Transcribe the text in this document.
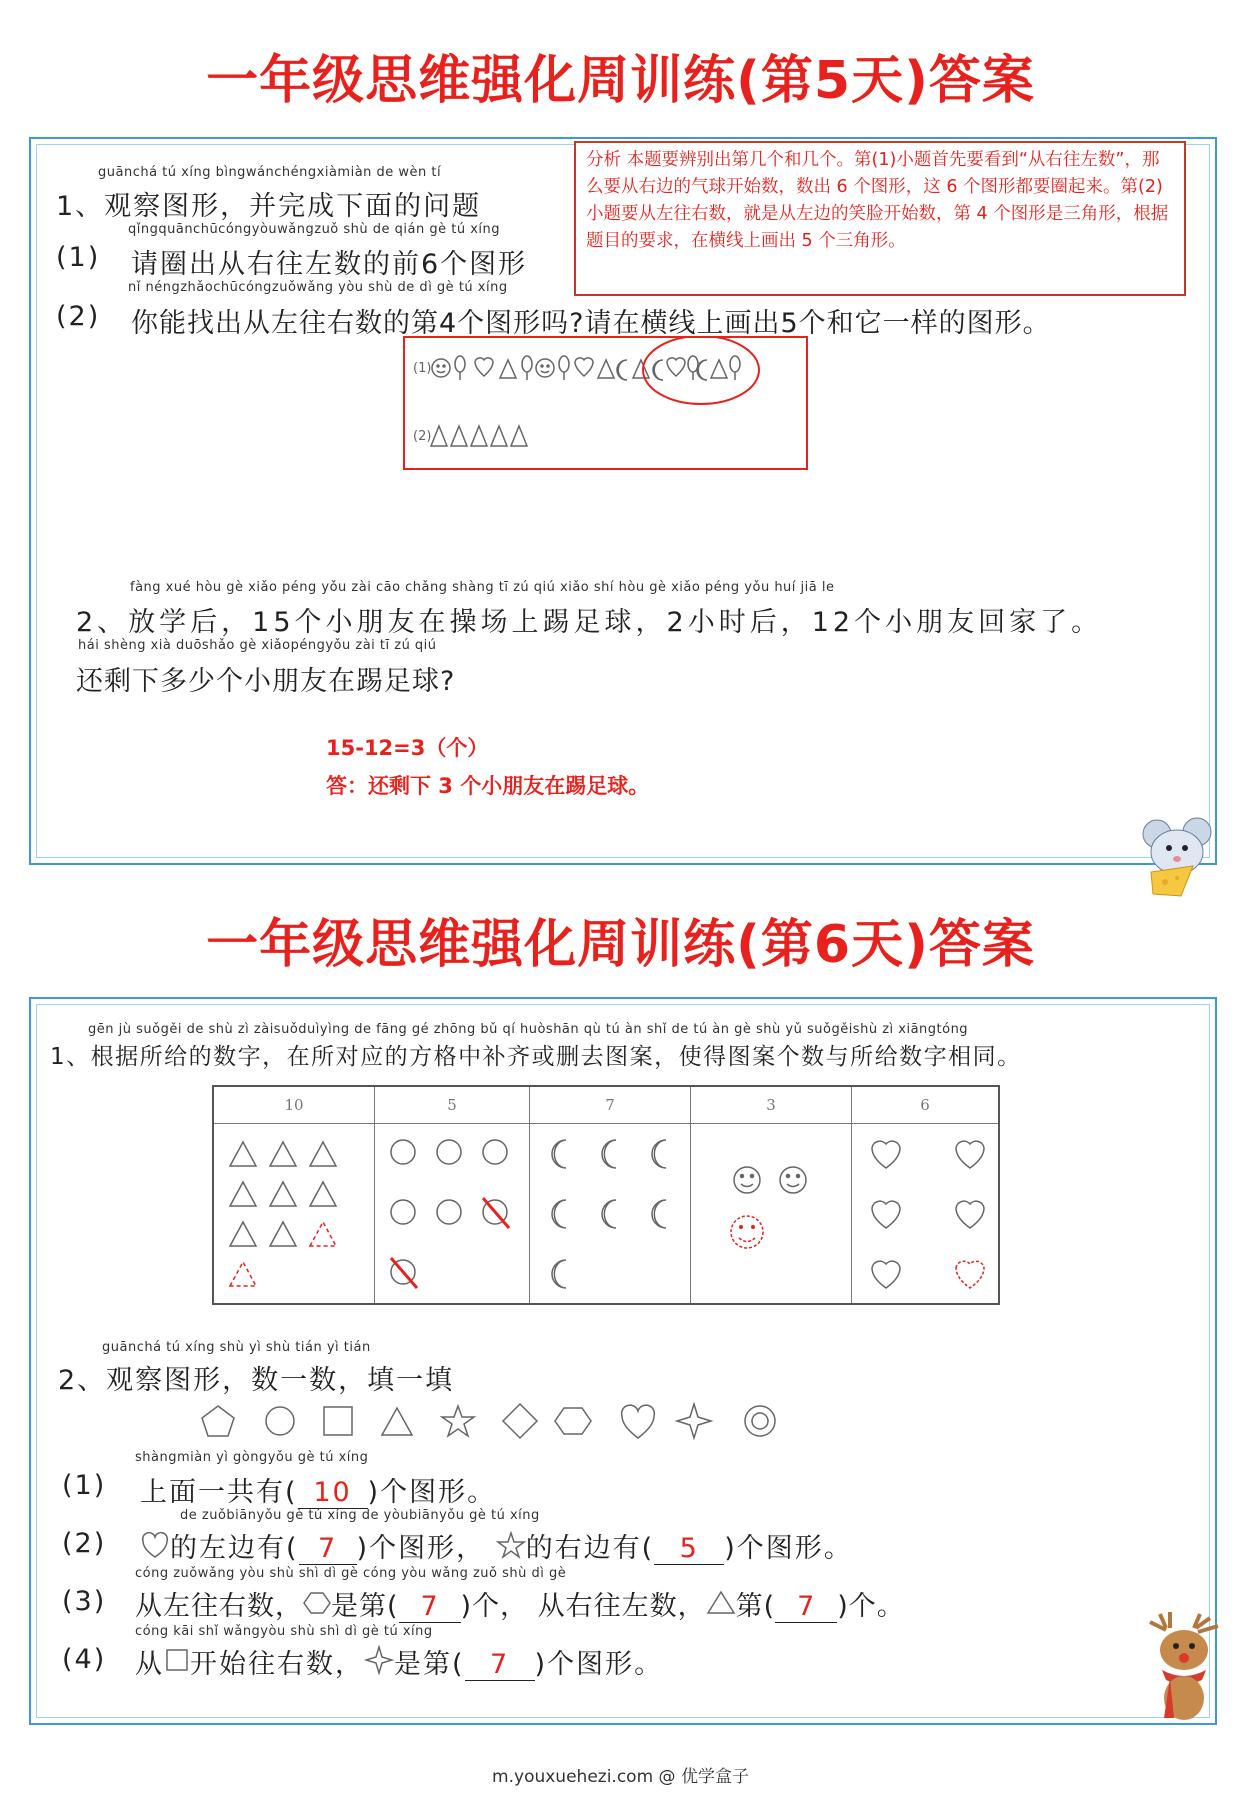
一年级思维强化周训练(第5天)答案
分析 本题要辨别出第几个和几个。第(1)小题首先要看到“从右往左数”，那么要从右边的气球开始数，数出 6 个图形，这 6 个图形都要圈起来。第(2)小题要从左往右数，就是从左边的笑脸开始数，第 4 个图形是三角形，根据题目的要求，在横线上画出 5 个三角形。
guānchá tú xíng bìngwánchéngxiàmiàn de wèn tí
1、观察图形，并完成下面的问题
qǐngquānchūcóngyòuwǎngzuǒ shù de qián gè tú xíng
(1) 请圈出从右往左数的前6个图形
nǐ néngzhǎochūcóngzuǒwǎng yòu shù de dì gè tú xíng
(2) 你能找出从左往右数的第4个图形吗?请在横线上画出5个和它一样的图形。
(1)
(2)
fàng xué hòu gè xiǎo péng yǒu zài cāo chǎng shàng tī zú qiú xiǎo shí hòu gè xiǎo péng yǒu huí jiā le
2、放学后，15个小朋友在操场上踢足球，2小时后，12个小朋友回家了。
hái shèng xià duōshǎo gè xiǎopéngyǒu zài tī zú qiú
还剩下多少个小朋友在踢足球?
15-12=3（个）
答：还剩下 3 个小朋友在踢足球。
一年级思维强化周训练(第6天)答案
gēn jù suǒgěi de shù zì zàisuǒduìyìng de fāng gé zhōng bǔ qí huòshān qù tú àn shǐ de tú àn gè shù yǔ suǒgěishù zì xiāngtóng
1、根据所给的数字，在所对应的方格中补齐或删去图案，使得图案个数与所给数字相同。
10	5	7	3	6

guānchá tú xíng shù yì shù tián yì tián
2、观察图形，数一数，填一填
shàngmiàn yì gòngyǒu gè tú xíng
(1) 上面一共有( 10 )个图形。
de zuǒbiānyǒu gè tú xíng de yòubiānyǒu gè tú xíng
(2)	的左边有( 7 )个图形， 的右边有( 5 )个图形。
cóng zuǒwǎng yòu shù shì dì gè cóng yòu wǎng zuǒ shù dì gè
(3) 从左往右数， 是第( 7 )个， 从右往左数， 第( 7 )个。
cóng kāi shǐ wǎngyòu shù shì dì gè tú xíng
(4) 从 开始往右数， 是第( 7 )个图形。
m.youxuehezi.com @ 优学盒子
